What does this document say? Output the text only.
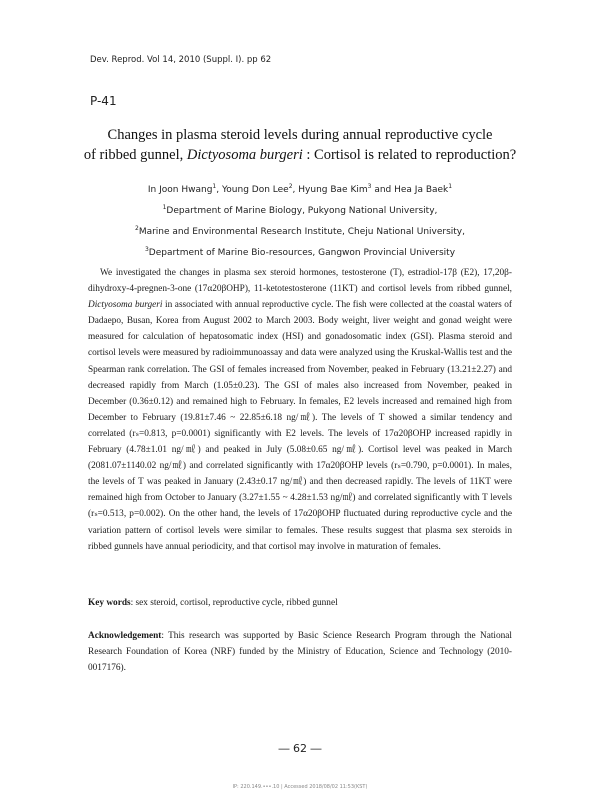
Dev. Reprod. Vol 14, 2010 (Suppl. I). pp 62
P-41
Changes in plasma steroid levels during annual reproductive cycle
of ribbed gunnel, Dictyosoma burgeri : Cortisol is related to reproduction?
In Joon Hwang$^1$, Young Don Lee$^2$, Hyung Bae Kim$^3$ and Hea Ja Baek$^1$
$^1$Department of Marine Biology, Pukyong National University,
$^2$Marine and Environmental Research Institute, Cheju National University,
$^3$Department of Marine Bio-resources, Gangwon Provincial University

We investigated the changes in plasma sex steroid hormones, testosterone (T), estradiol-17β (E2), 17,20β-dihydroxy-4-pregnen-3-one (17α20βOHP), 11-ketotestosterone (11KT) and cortisol levels from ribbed gunnel, Dictyosoma burgeri in associated with annual reproductive cycle. The fish were collected at the coastal waters of Dadaepo, Busan, Korea from August 2002 to March 2003. Body weight, liver weight and gonad weight were measured for calculation of hepatosomatic index (HSI) and gonadosomatic index (GSI). Plasma steroid and cortisol levels were measured by radioimmunoassay and data were analyzed using the Kruskal-Wallis test and the Spearman rank correlation. The GSI of females increased from November, peaked in February (13.21±2.27) and decreased rapidly from March (1.05±0.23). The GSI of males also increased from November, peaked in December (0.36±0.12) and remained high to February. In females, E2 levels increased and remained high from December to February (19.81±7.46 ~ 22.85±6.18 ng/㎖). The levels of T showed a similar tendency and correlated (rₛ=0.813, p=0.0001) significantly with E2 levels. The levels of 17α20βOHP increased rapidly in February (4.78±1.01 ng/㎖) and peaked in July (5.08±0.65 ng/㎖). Cortisol level was peaked in March (2081.07±1140.02 ng/㎖) and correlated significantly with 17α20βOHP levels (rₛ=0.790, p=0.0001). In males, the levels of T was peaked in January (2.43±0.17 ng/㎖) and then decreased rapidly. The levels of 11KT were remained high from October to January (3.27±1.55 ~ 4.28±1.53 ng/㎖) and correlated significantly with T levels (rₛ=0.513, p=0.002). On the other hand, the levels of 17α20βOHP fluctuated during reproductive cycle and the variation pattern of cortisol levels were similar to females. These results suggest that plasma sex steroids in ribbed gunnels have annual periodicity, and that cortisol may involve in maturation of females.

Key words: sex steroid, cortisol, reproductive cycle, ribbed gunnel
Acknowledgement: This research was supported by Basic Science Research Program through the National Research Foundation of Korea (NRF) funded by the Ministry of Education, Science and Technology (2010-0017176).
― 62 ―
IP: 220.149.•••.10 | Accessed 2018/08/02 11:53(KST)
